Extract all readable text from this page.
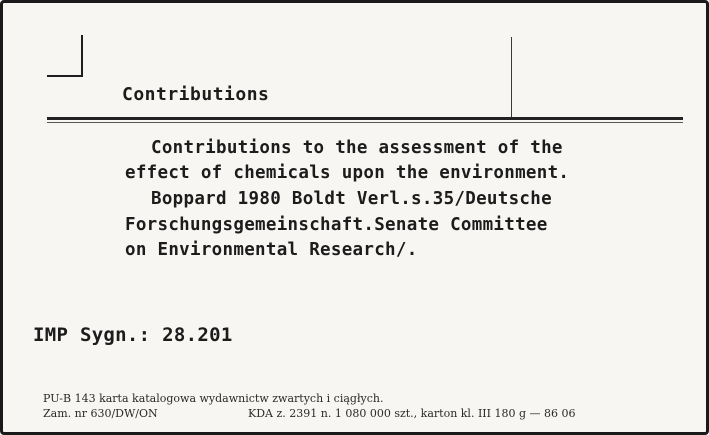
Contributions
Contributions to the assessment of the
effect of chemicals upon the environment.
Boppard 1980 Boldt Verl.s.35/Deutsche
Forschungsgemeinschaft.Senate Committee
on Environmental Research/.
IMP Sygn.: 28.201
PU-B 143 karta katalogowa wydawnictw zwartych i ciągłych.
Zam. nr 630/DW/ON	KDA z. 2391 n. 1 080 000 szt., karton kl. III 180 g — 86 06
